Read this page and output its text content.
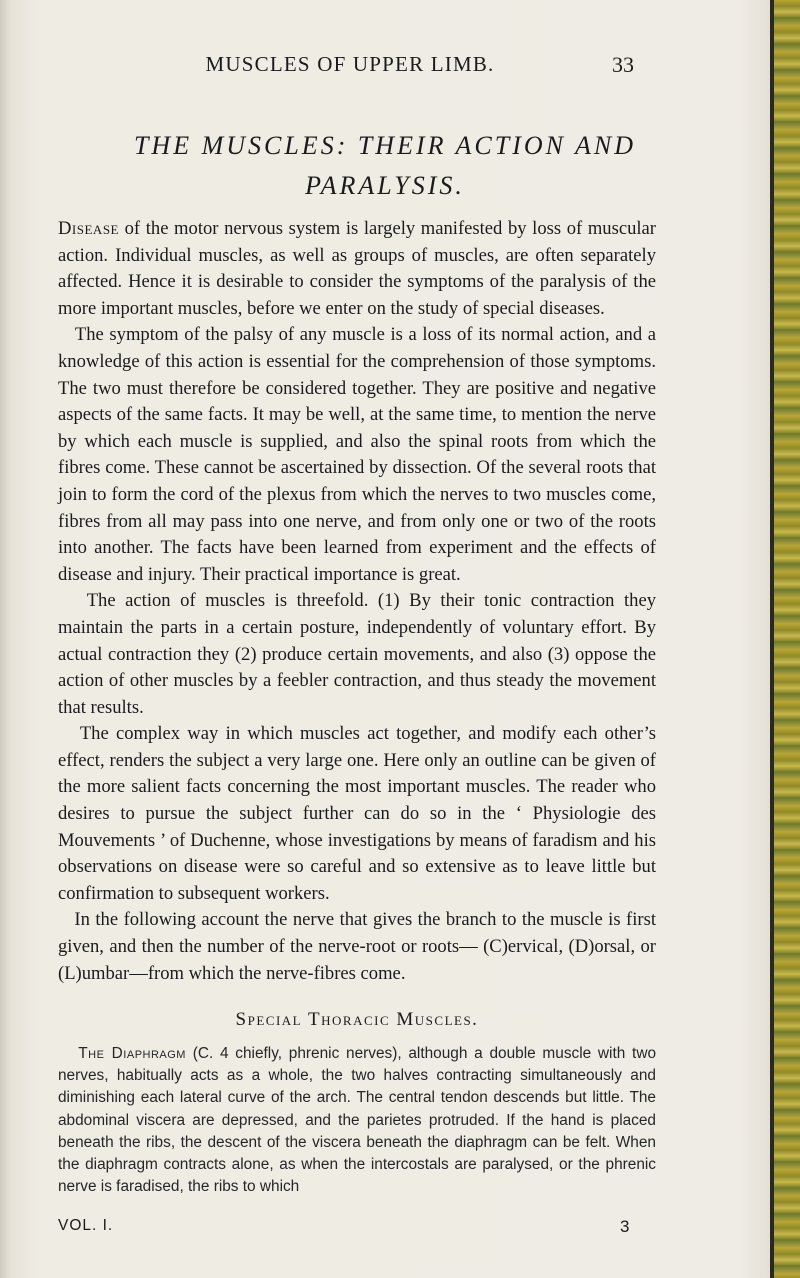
MUSCLES OF UPPER LIMB.	33
THE MUSCLES: THEIR ACTION AND
PARALYSIS.

Disease of the motor nervous system is largely manifested by loss of muscular action. Individual muscles, as well as groups of muscles, are often separately affected. Hence it is desirable to consider the symptoms of the paralysis of the more important muscles, before we enter on the study of special diseases.

The symptom of the palsy of any muscle is a loss of its normal action, and a knowledge of this action is essential for the comprehension of those symptoms. The two must therefore be considered together. They are positive and negative aspects of the same facts. It may be well, at the same time, to mention the nerve by which each muscle is supplied, and also the spinal roots from which the fibres come. These cannot be ascertained by dissection. Of the several roots that join to form the cord of the plexus from which the nerves to two muscles come, fibres from all may pass into one nerve, and from only one or two of the roots into another. The facts have been learned from experiment and the effects of disease and injury. Their practical importance is great.

The action of muscles is threefold. (1) By their tonic contraction they maintain the parts in a certain posture, independently of voluntary effort. By actual contraction they (2) produce certain movements, and also (3) oppose the action of other muscles by a feebler contraction, and thus steady the movement that results.

The complex way in which muscles act together, and modify each other’s effect, renders the subject a very large one. Here only an outline can be given of the more salient facts concerning the most important muscles. The reader who desires to pursue the subject further can do so in the ‘ Physiologie des Mouvements ’ of Duchenne, whose investigations by means of faradism and his observations on disease were so careful and so extensive as to leave little but confirmation to subsequent workers.

In the following account the nerve that gives the branch to the muscle is first given, and then the number of the nerve-root or roots— (C)ervical, (D)orsal, or (L)umbar—from which the nerve-fibres come.

Special Thoracic Muscles.

The Diaphragm (C. 4 chiefly, phrenic nerves), although a double muscle with two nerves, habitually acts as a whole, the two halves contracting simultaneously and diminishing each lateral curve of the arch. The central tendon descends but little. The abdominal viscera are depressed, and the parietes protruded. If the hand is placed beneath the ribs, the descent of the viscera beneath the diaphragm can be felt. When the diaphragm contracts alone, as when the intercostals are paralysed, or the phrenic nerve is faradised, the ribs to which

VOL. I.	3
